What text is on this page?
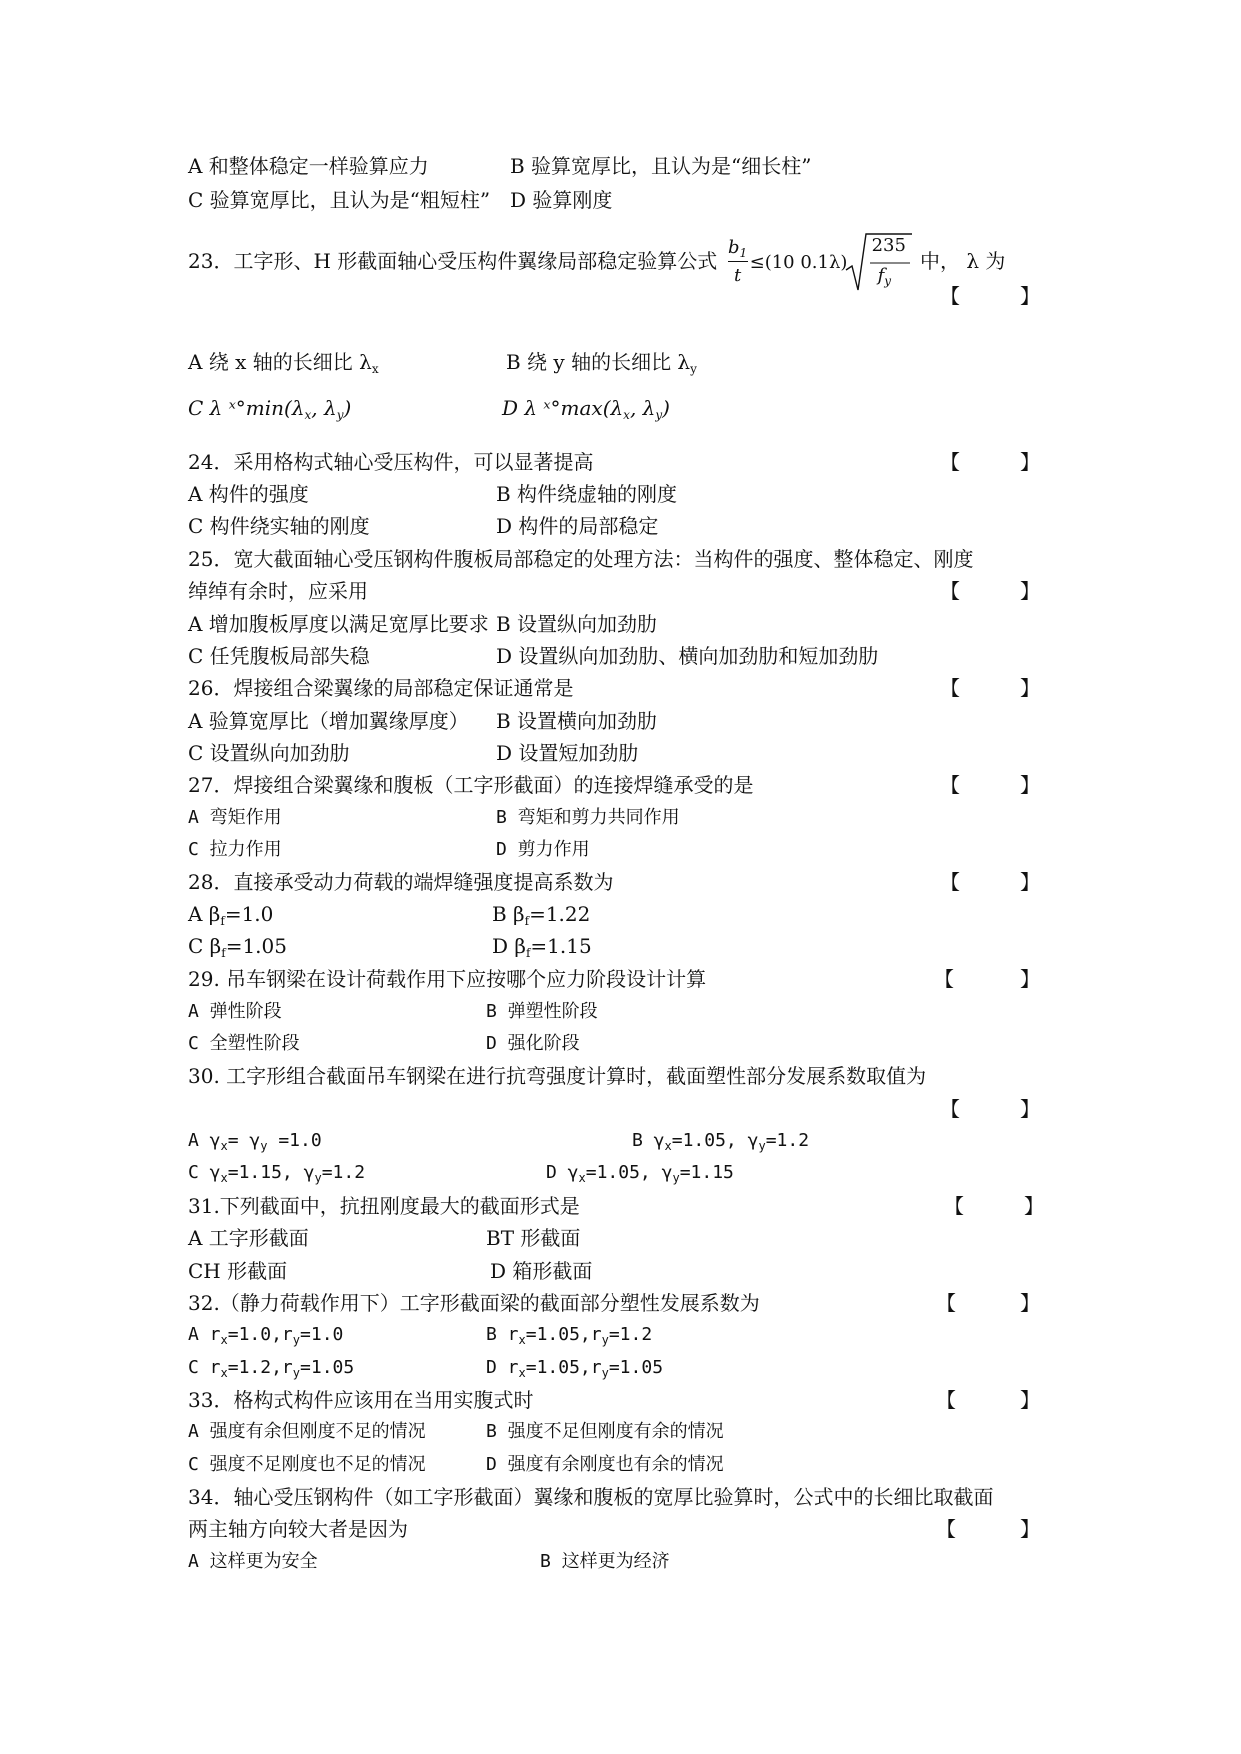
A 和整体稳定一样验算应力	B 验算宽厚比，且认为是“细长柱”
C 验算宽厚比，且认为是“粗短柱” D 验算刚度
23．工字形、H 形截面轴心受压构件翼缘局部稳定验算公式
$b_1$
t
≤(10 0.1λ)
235
$f_y$
中， λ 为
【	】
A 绕 x 轴的长细比 $\lambda_x$	B 绕 y 轴的长细比 $\lambda_y$
C λ $ˣ^\circ\min(\lambda_x$, $\lambda_y$)	D λ $ˣ^\circ\max(\lambda_x$, $\lambda_y$)
24．采用格构式轴心受压构件，可以显著提高	【	】
A 构件的强度	B 构件绕虚轴的刚度
C 构件绕实轴的刚度	D 构件的局部稳定
25．宽大截面轴心受压钢构件腹板局部稳定的处理方法：当构件的强度、整体稳定、刚度
绰绰有余时，应采用	【	】
A 增加腹板厚度以满足宽厚比要求 B 设置纵向加劲肋
C 任凭腹板局部失稳	D 设置纵向加劲肋、横向加劲肋和短加劲肋
26．焊接组合梁翼缘的局部稳定保证通常是	【	】
A 验算宽厚比（增加翼缘厚度） B 设置横向加劲肋
C 设置纵向加劲肋	D 设置短加劲肋
27．焊接组合梁翼缘和腹板（工字形截面）的连接焊缝承受的是	【	】
A 弯矩作用	B 弯矩和剪力共同作用
C 拉力作用	D 剪力作用
28．直接承受动力荷载的端焊缝强度提高系数为	【	】
A $\beta_f=1.0$	B $\beta_f=1.22$
C $\beta_f=1.05$	D $\beta_f=1.15$
29. 吊车钢梁在设计荷载作用下应按哪个应力阶段设计计算	【	】
A 弹性阶段	B 弹塑性阶段
C 全塑性阶段	D 强化阶段
30. 工字形组合截面吊车钢梁在进行抗弯强度计算时，截面塑性部分发展系数取值为
【	】
A $\gamma_x= \gamma_y =1.0$	B $\gamma_x=1.05$, $\gamma_y=1.2$
C $\gamma_x=1.15$, $\gamma_y=1.2$	D $\gamma_x=1.05$, $\gamma_y=1.15$
31.下列截面中，抗扭刚度最大的截面形式是	【	】
A 工字形截面	BT 形截面
CH 形截面	D 箱形截面
32.（静力荷载作用下）工字形截面梁的截面部分塑性发展系数为	【	】
A $r_x=1.0,r_y=1.0$	B $r_x=1.05,r_y=1.2$
C $r_x=1.2,r_y=1.05$	D $r_x=1.05,r_y=1.05$
33．格构式构件应该用在当用实腹式时	【	】
A 强度有余但刚度不足的情况	B 强度不足但刚度有余的情况
C 强度不足刚度也不足的情况	D 强度有余刚度也有余的情况
34．轴心受压钢构件（如工字形截面）翼缘和腹板的宽厚比验算时，公式中的长细比取截面
两主轴方向较大者是因为	【	】
A 这样更为安全	B 这样更为经济
